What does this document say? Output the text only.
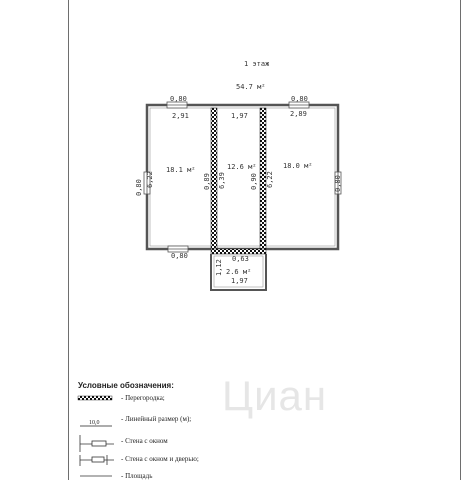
Циан
1 этаж
54.7 м²
0,80	0,80
2,91	1,97	2,89
18.1 м²	12.6 м²	18.0 м²
2.6 м²
0,80 6,22	0,89 6,39	0,90 6,22	0,80
1,12
0,80	0,63
1,97
Условные обозначения:
- Перегородка;
10,0	- Линейный размер (м);
- Стена с окном
- Стена с окном и дверью;
- Площадь
